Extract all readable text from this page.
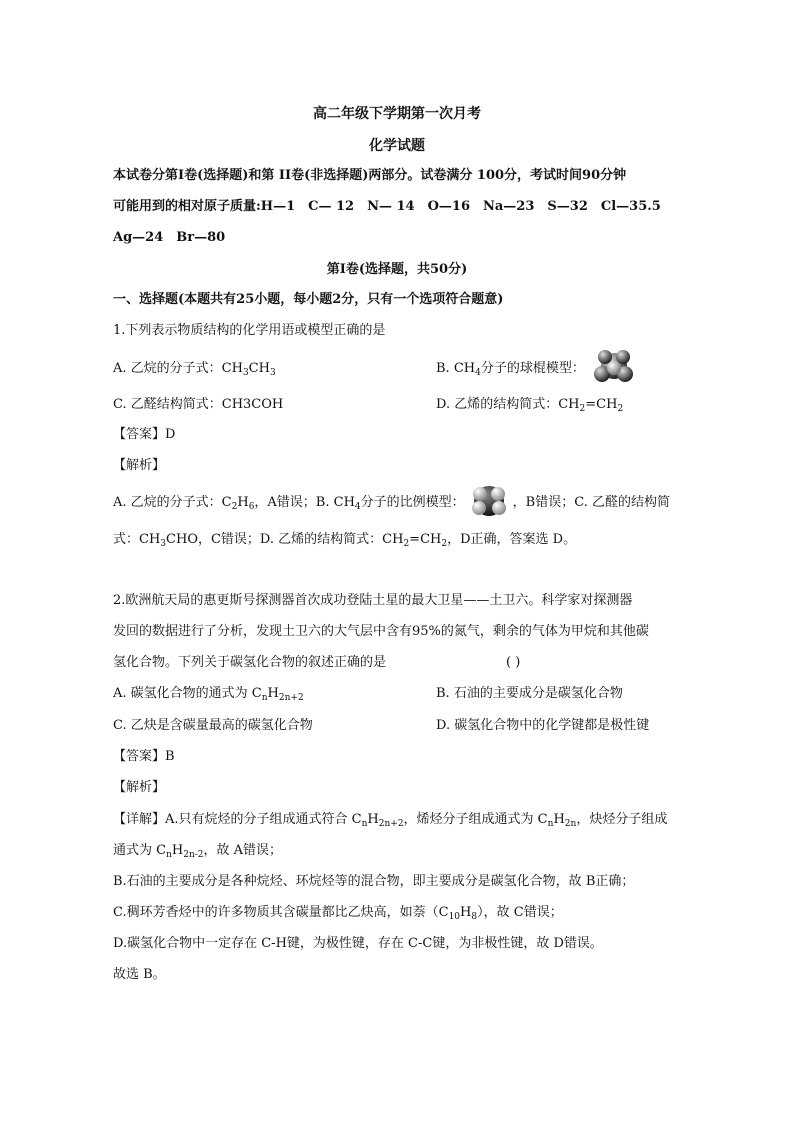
高二年级下学期第一次月考
化学试题
本试卷分第I卷(选择题)和第 II卷(非选择题)两部分。试卷满分 100分，考试时间90分钟
可能用到的相对原子质量:H—1　C— 12　N— 14　O—16　Na—23　S—32　Cl—35.5
Ag—24　Br—80
第I卷(选择题，共50分)
一、选择题(本题共有25小题，每小题2分，只有一个选项符合题意)
1.下列表示物质结构的化学用语或模型正确的是
A. 乙烷的分子式：$CH_3CH_3$	B. $CH_4$分子的球棍模型：
C. 乙醛结构简式：CH3COH	D. 乙烯的结构简式：$CH_2=CH_2$
【答案】D
【解析】
A. 乙烷的分子式：$C_2H_6$，A错误；B. $CH_4$分子的比例模型：	，B错误；C. 乙醛的结构简
式：$CH_3CHO$，C错误；D. 乙烯的结构简式：$CH_2=CH_2$，D正确，答案选 D。
2.欧洲航天局的惠更斯号探测器首次成功登陆土星的最大卫星——土卫六。科学家对探测器
发回的数据进行了分析，发现土卫六的大气层中含有95%的氮气，剩余的气体为甲烷和其他碳
氢化合物。下列关于碳氢化合物的叙述正确的是	( )
A. 碳氢化合物的通式为 $C_nH_{2n+2}$	B. 石油的主要成分是碳氢化合物
C. 乙炔是含碳量最高的碳氢化合物	D. 碳氢化合物中的化学键都是极性键
【答案】B
【解析】
【详解】A.只有烷烃的分子组成通式符合 $C_nH_{2n+2}$，烯烃分子组成通式为 $C_nH_{2n}$，炔烃分子组成
通式为 $C_nH_{2n-2}$，故 A错误；
B.石油的主要成分是各种烷烃、环烷烃等的混合物，即主要成分是碳氢化合物，故 B正确；
C.稠环芳香烃中的许多物质其含碳量都比乙炔高，如萘$(C_{10}H_8)$，故 C错误；
D.碳氢化合物中一定存在 C-H键，为极性键，存在 C-C键，为非极性键，故 D错误。
故选 B。
